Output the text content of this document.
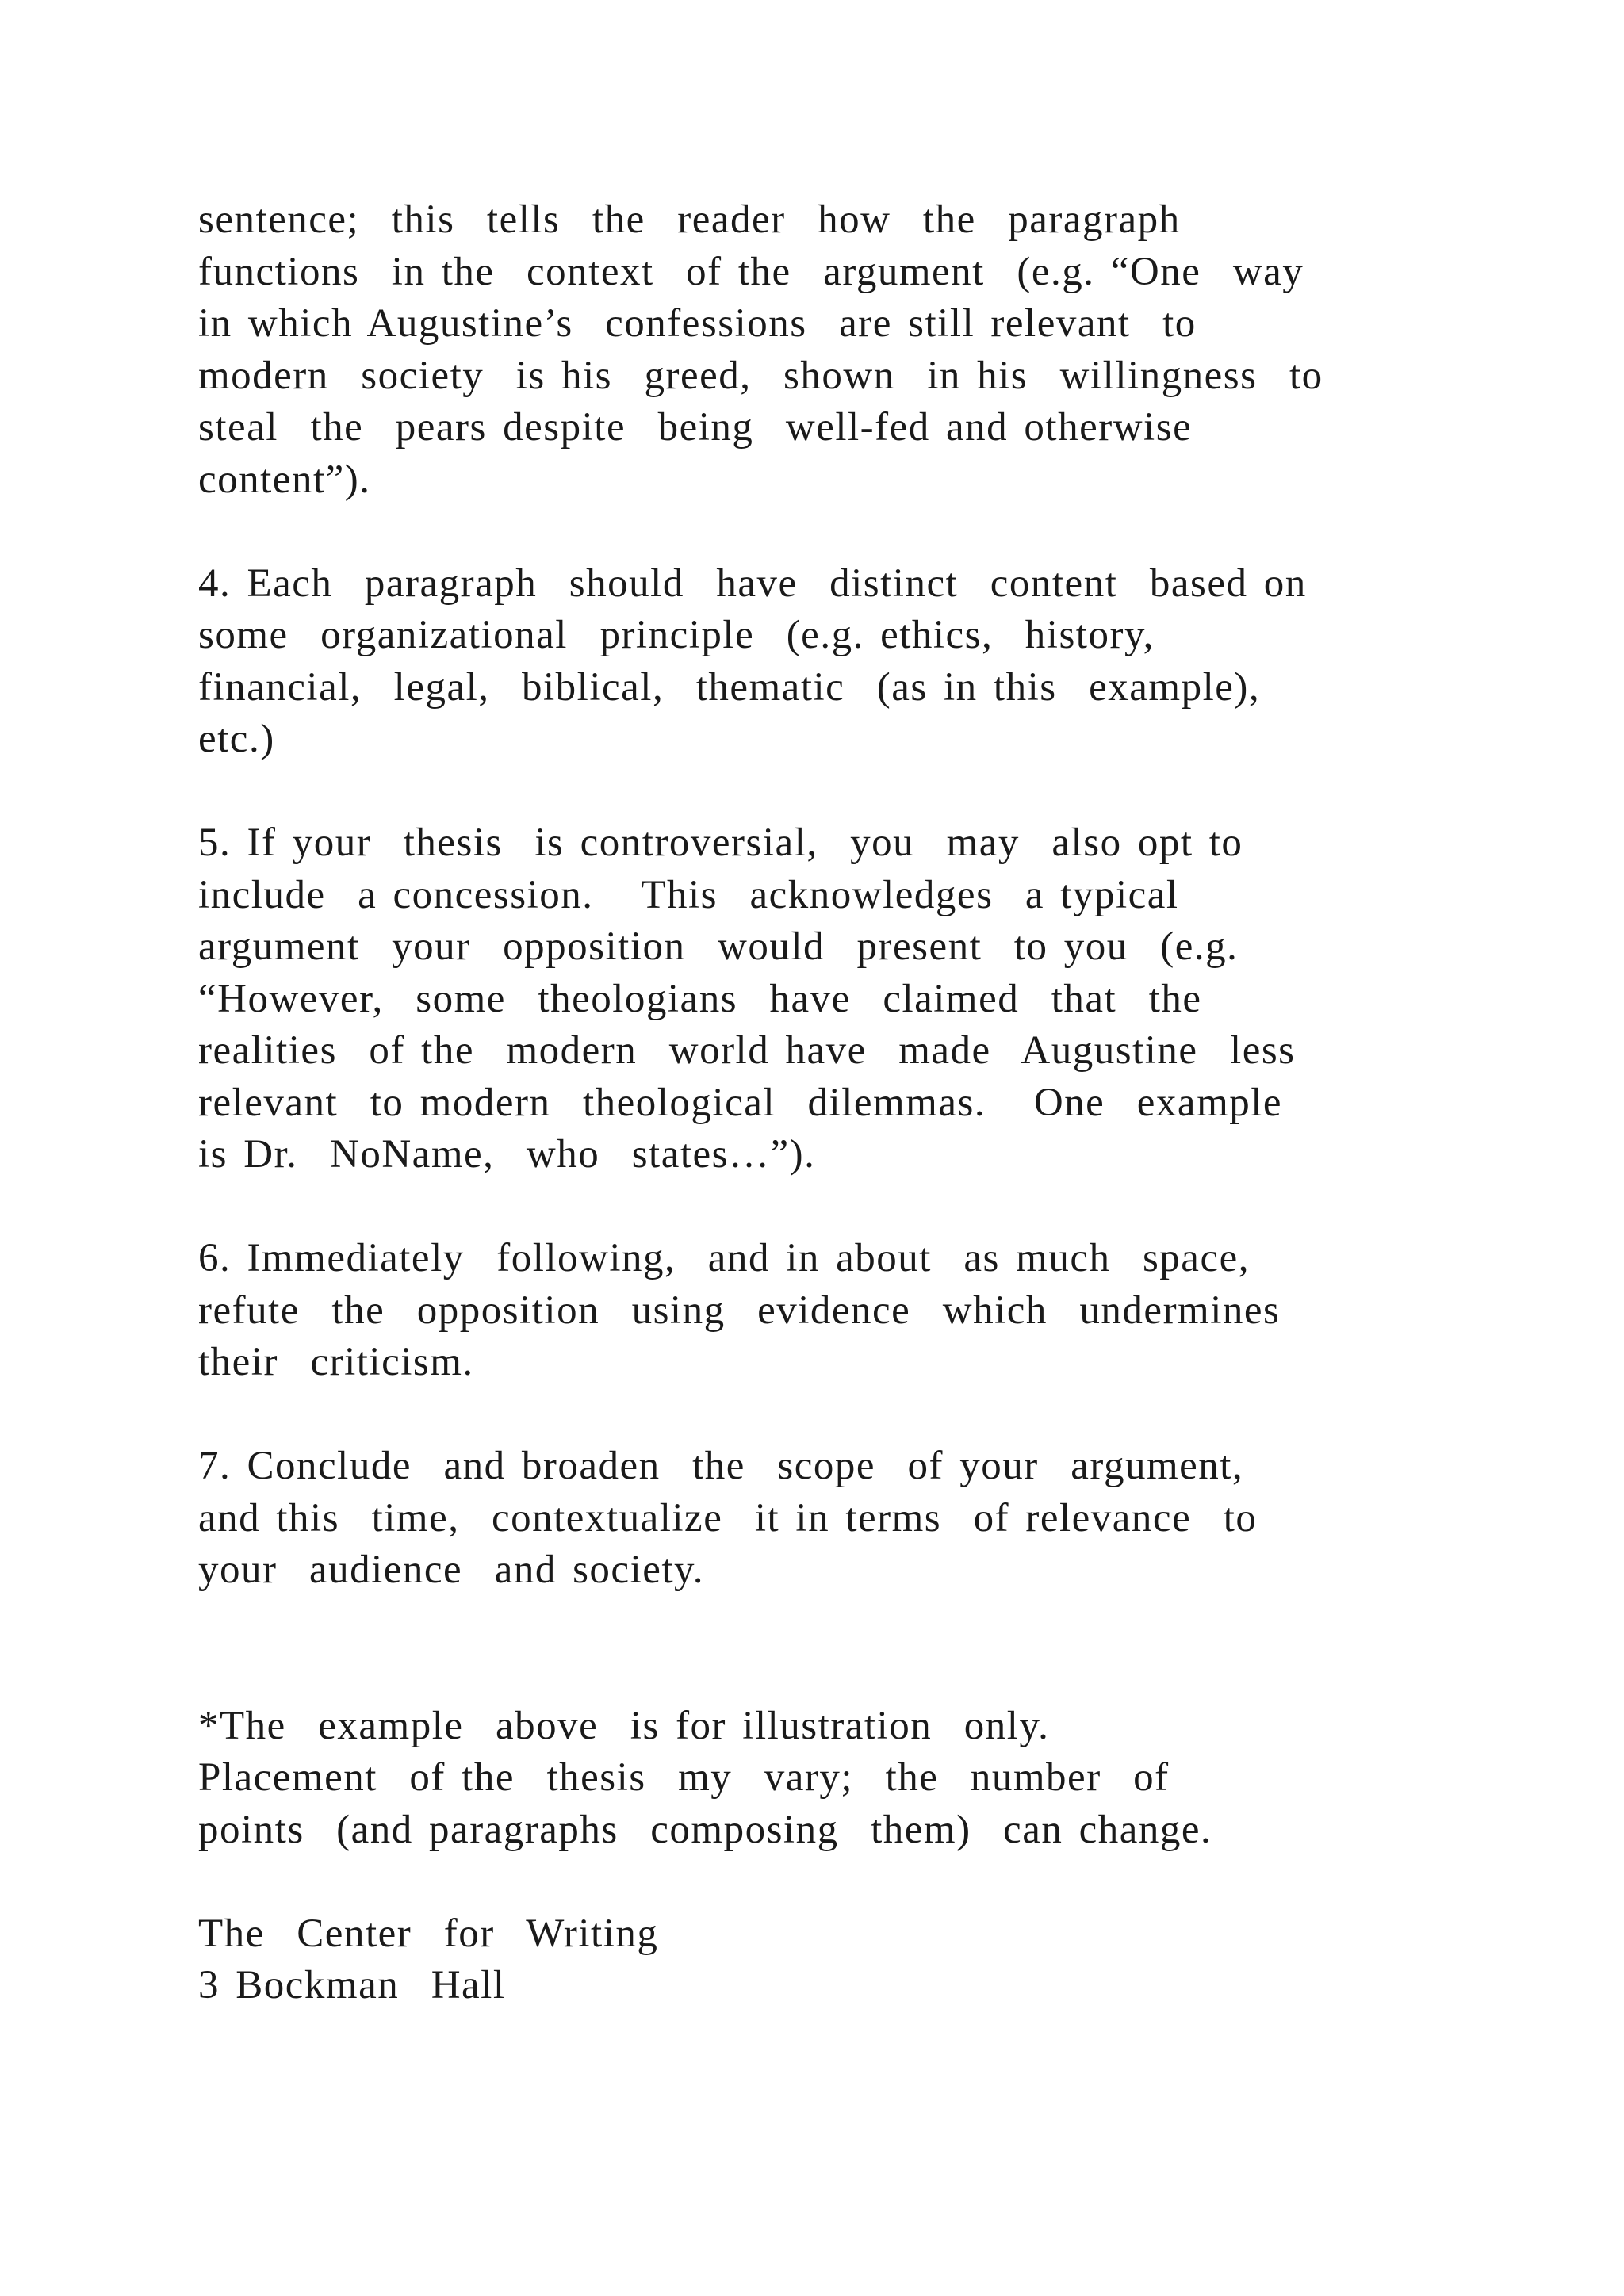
sentence;  this  tells  the  reader  how  the  paragraph
functions  in the  context  of the  argument  (e.g. “One  way
in which Augustine’s  confessions  are still relevant  to
modern  society  is his  greed,  shown  in his  willingness  to
steal  the  pears despite  being  well-fed and otherwise
content”).
4. Each  paragraph  should  have  distinct  content  based on
some  organizational  principle  (e.g. ethics,  history,
financial,  legal,  biblical,  thematic  (as in this  example),
etc.)
5. If your  thesis  is controversial,  you  may  also opt to
include  a concession.   This  acknowledges  a typical
argument  your  opposition  would  present  to you  (e.g.
“However,  some  theologians  have  claimed  that  the
realities  of the  modern  world have  made  Augustine  less
relevant  to modern  theological  dilemmas.   One  example
is Dr.  NoName,  who  states…”).
6. Immediately  following,  and in about  as much  space,
refute  the  opposition  using  evidence  which  undermines
their  criticism.
7. Conclude  and broaden  the  scope  of your  argument,
and this  time,  contextualize  it in terms  of relevance  to
your  audience  and society.
*The  example  above  is for illustration  only.
Placement  of the  thesis  my  vary;  the  number  of
points  (and paragraphs  composing  them)  can change.
The  Center  for  Writing
3 Bockman  Hall
